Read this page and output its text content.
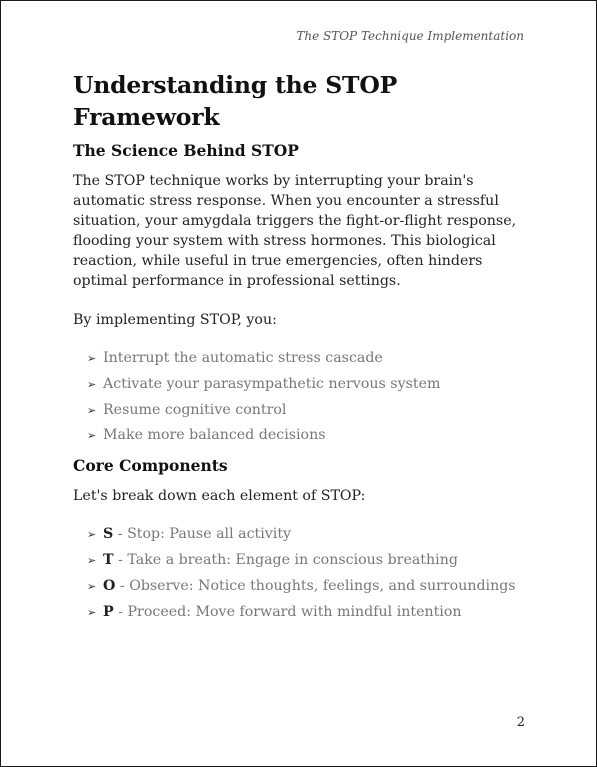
The STOP Technique Implementation
Understanding the STOP Framework
The Science Behind STOP

The STOP technique works by interrupting your brain's automatic stress response. When you encounter a stressful situation, your amygdala triggers the fight-or-flight response, flooding your system with stress hormones. This biological reaction, while useful in true emergencies, often hinders optimal performance in professional settings.

By implementing STOP, you:

➢ Interrupt the automatic stress cascade
➢ Activate your parasympathetic nervous system
➢ Resume cognitive control
➢ Make more balanced decisions
Core Components

Let's break down each element of STOP:

➢ S - Stop: Pause all activity
➢ T - Take a breath: Engage in conscious breathing
➢ O - Observe: Notice thoughts, feelings, and surroundings
➢ P - Proceed: Move forward with mindful intention
2
